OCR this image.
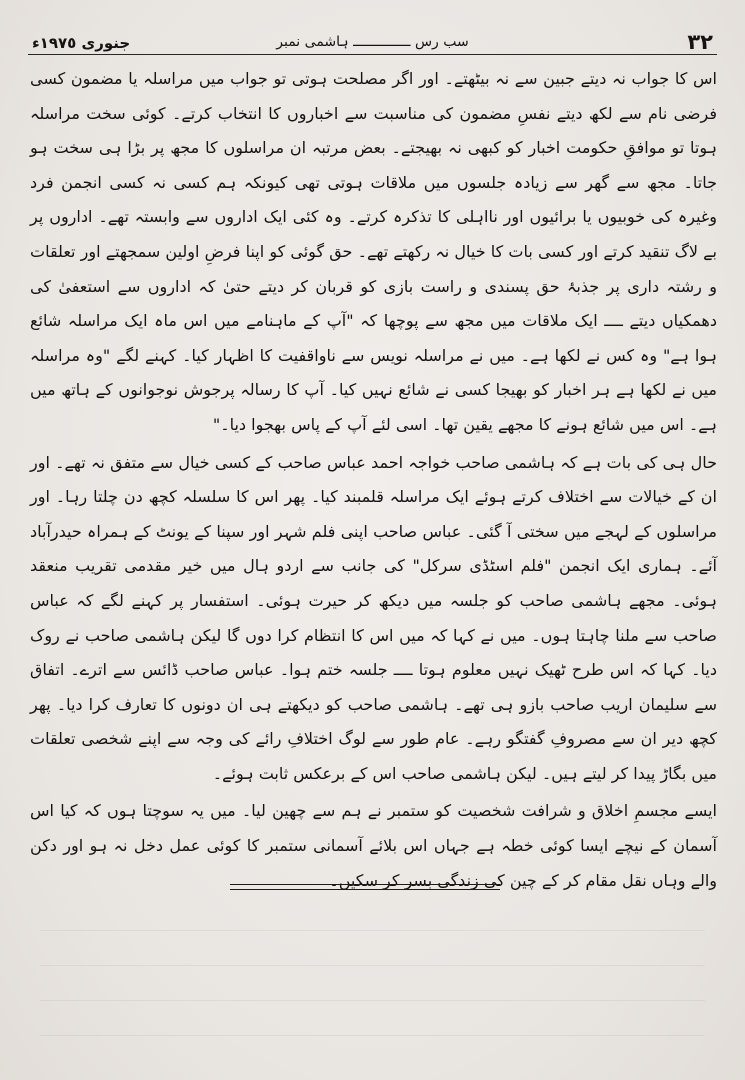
جنوری ١٩٧٥ء	سب رس ــــــــــــــ ہاشمی نمبر	٣٢

اس کا جواب نہ دیتے جبین سے نہ بیٹھتے۔ اور اگر مصلحت ہوتی تو جواب میں مراسلہ یا مضمون کسی فرضی نام سے لکھ دیتے نفسِ مضمون کی مناسبت سے اخباروں کا انتخاب کرتے۔ کوئی سخت مراسلہ ہوتا تو موافقِ حکومت اخبار کو کبھی نہ بھیجتے۔ بعض مرتبہ ان مراسلوں کا مجھ پر بڑا ہی سخت ہو جاتا۔ مجھ سے گھر سے زیادہ جلسوں میں ملاقات ہوتی تھی کیونکہ ہم کسی نہ کسی انجمن فرد وغیرہ کی خوبیوں یا برائیوں اور نااہلی کا تذکرہ کرتے۔ وہ کئی ایک اداروں سے وابستہ تھے۔ اداروں پر بے لاگ تنقید کرتے اور کسی بات کا خیال نہ رکھتے تھے۔ حق گوئی کو اپنا فرضِ اولین سمجھتے اور تعلقات و رشتہ داری پر جذبۂ حق پسندی و راست بازی کو قربان کر دیتے حتیٰ کہ اداروں سے استعفیٰ کی دھمکیاں دیتے ــــ ایک ملاقات میں مجھ سے پوچھا کہ "آپ کے ماہنامے میں اس ماہ ایک مراسلہ شائع ہوا ہے" وہ کس نے لکھا ہے۔ میں نے مراسلہ نویس سے ناواقفیت کا اظہار کیا۔ کہنے لگے "وہ مراسلہ میں نے لکھا ہے ہر اخبار کو بھیجا کسی نے شائع نہیں کیا۔ آپ کا رسالہ پرجوش نوجوانوں کے ہاتھ میں ہے۔ اس میں شائع ہونے کا مجھے یقین تھا۔ اسی لئے آپ کے پاس بھجوا دیا۔"

حال ہی کی بات ہے کہ ہاشمی صاحب خواجہ احمد عباس صاحب کے کسی خیال سے متفق نہ تھے۔ اور ان کے خیالات سے اختلاف کرتے ہوئے ایک مراسلہ قلمبند کیا۔ پھر اس کا سلسلہ کچھ دن چلتا رہا۔ اور مراسلوں کے لہجے میں سختی آ گئی۔ عباس صاحب اپنی فلم شہر اور سپنا کے یونٹ کے ہمراہ حیدرآباد آئے۔ ہماری ایک انجمن "فلم اسٹڈی سرکل" کی جانب سے اردو ہال میں خیر مقدمی تقریب منعقد ہوئی۔ مجھے ہاشمی صاحب کو جلسہ میں دیکھ کر حیرت ہوئی۔ استفسار پر کہنے لگے کہ عباس صاحب سے ملنا چاہتا ہوں۔ میں نے کہا کہ میں اس کا انتظام کرا دوں گا لیکن ہاشمی صاحب نے روک دیا۔ کہا کہ اس طرح ٹھیک نہیں معلوم ہوتا ــــ جلسہ ختم ہوا۔ عباس صاحب ڈائس سے اترے۔ اتفاق سے سلیمان اریب صاحب بازو ہی تھے۔ ہاشمی صاحب کو دیکھتے ہی ان دونوں کا تعارف کرا دیا۔ پھر کچھ دیر ان سے مصروفِ گفتگو رہے۔ عام طور سے لوگ اختلافِ رائے کی وجہ سے اپنے شخصی تعلقات میں بگاڑ پیدا کر لیتے ہیں۔ لیکن ہاشمی صاحب اس کے برعکس ثابت ہوئے۔

ایسے مجسمِ اخلاق و شرافت شخصیت کو ستمبر نے ہم سے چھین لیا۔ میں یہ سوچتا ہوں کہ کیا اس آسمان کے نیچے ایسا کوئی خطہ ہے جہاں اس بلائے آسمانی ستمبر کا کوئی عمل دخل نہ ہو اور دکن والے وہاں نقل مقام کر کے چین کی زندگی بسر کر سکیں۔
